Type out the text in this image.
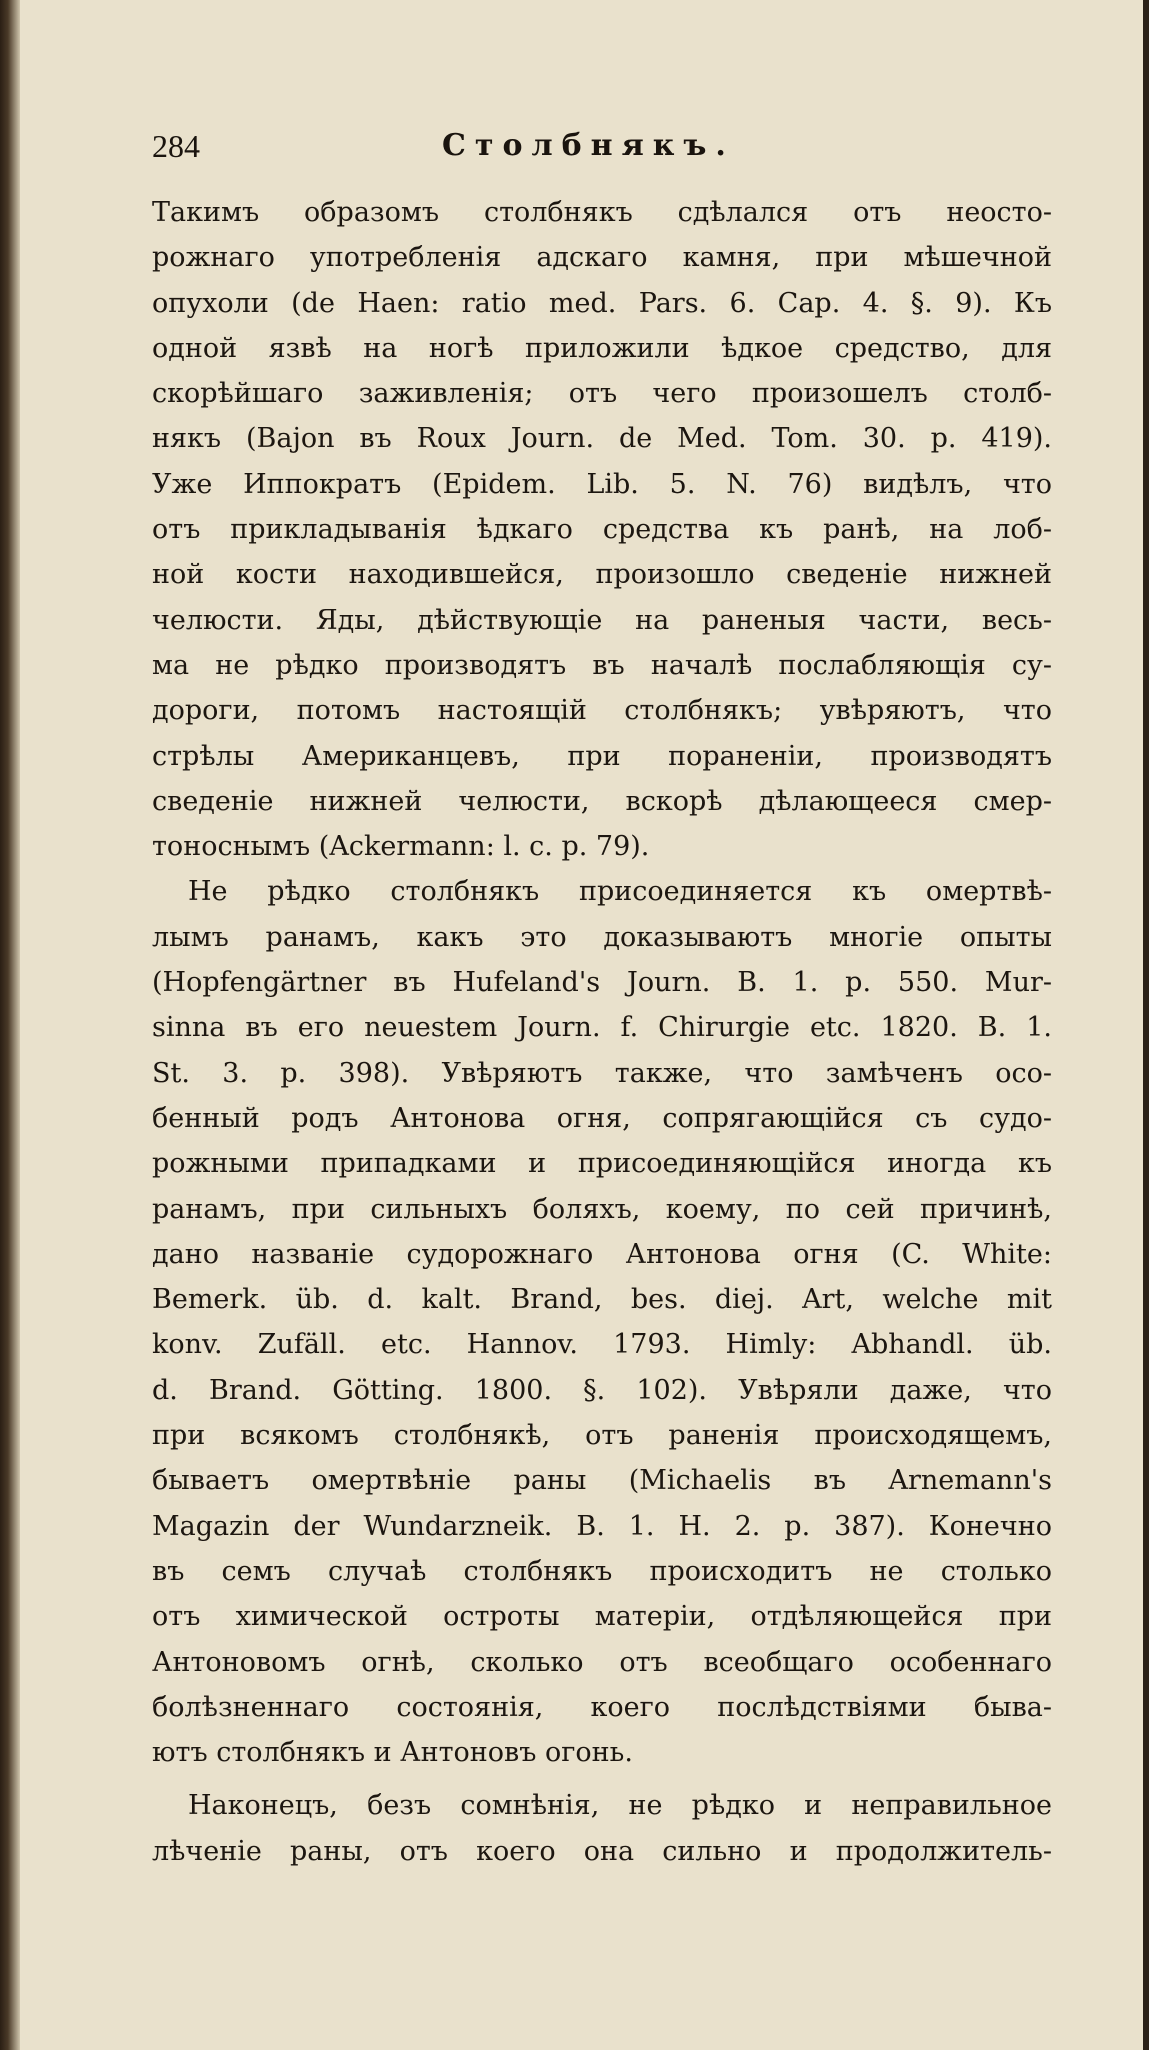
284	Столбнякъ.
Такимъ образомъ столбнякъ сдѣлался отъ неосто-
рожнаго употребленія адскаго камня, при мѣшечной
опухоли (de Haen: ratio med. Pars. 6. Cap. 4. §. 9). Къ
одной язвѣ на ногѣ приложили ѣдкое средство, для
скорѣйшаго заживленія; отъ чего произошелъ столб-
някъ (Bajon въ Roux Journ. de Med. Tom. 30. p. 419).
Уже Иппократъ (Epidem. Lib. 5. N. 76) видѣлъ, что
отъ прикладыванія ѣдкаго средства къ ранѣ, на лоб-
ной кости находившейся, произошло сведеніе нижней
челюсти. Яды, дѣйствующіе на раненыя части, весь-
ма не рѣдко производятъ въ началѣ послабляющія су-
дороги, потомъ настоящій столбнякъ; увѣряютъ, что
стрѣлы Американцевъ, при пораненіи, производятъ
сведеніе нижней челюсти, вскорѣ дѣлающееся смер-
тоноснымъ (Ackermann: l. c. p. 79).
Не рѣдко столбнякъ присоединяется къ омертвѣ-
лымъ ранамъ, какъ это доказываютъ многіе опыты
(Hopfengärtner въ Hufeland's Journ. B. 1. p. 550. Mur-
sinna въ его neuestem Journ. f. Chirurgie etc. 1820. B. 1.
St. 3. p. 398). Увѣряютъ также, что замѣченъ осо-
бенный родъ Антонова огня, сопрягающійся съ судо-
рожными припадками и присоединяющійся иногда къ
ранамъ, при сильныхъ боляхъ, коему, по сей причинѣ,
дано названіе судорожнаго Антонова огня (C. White:
Bemerk. üb. d. kalt. Brand, bes. diej. Art, welche mit
konv. Zufäll. etc. Hannov. 1793. Himly: Abhandl. üb.
d. Brand. Götting. 1800. §. 102). Увѣряли даже, что
при всякомъ столбнякѣ, отъ раненія происходящемъ,
бываетъ омертвѣніе раны (Michaelis въ Arnemann's
Magazin der Wundarzneik. B. 1. H. 2. p. 387). Конечно
въ семъ случаѣ столбнякъ происходитъ не столько
отъ химической остроты матеріи, отдѣляющейся при
Антоновомъ огнѣ, сколько отъ всеобщаго особеннаго
болѣзненнаго состоянія, коего послѣдствіями быва-
ютъ столбнякъ и Антоновъ огонь.
Наконецъ, безъ сомнѣнія, не рѣдко и неправильное
лѣченіе раны, отъ коего она сильно и продолжитель-
